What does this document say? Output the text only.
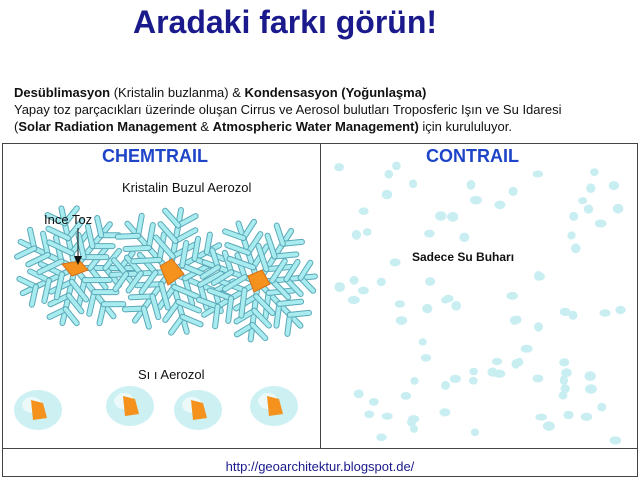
Aradaki farkı görün!
Desüblimasyon (Kristalin buzlanma) & Kondensasyon (Yoğunlaşma)
Yapay toz parçacıkları üzerinde oluşan Cirrus ve Aerosol bulutları Troposferic Işın ve Su Idaresi
(Solar Radiation Management & Atmospheric Water Management) için kurululuyor.
CHEMTRAIL	CONTRAIL
Kristalin Buzul Aerozol
Ince Toz
Sı ı Aerozol
Sadece Su Buharı
http://geoarchitektur.blogspot.de/
